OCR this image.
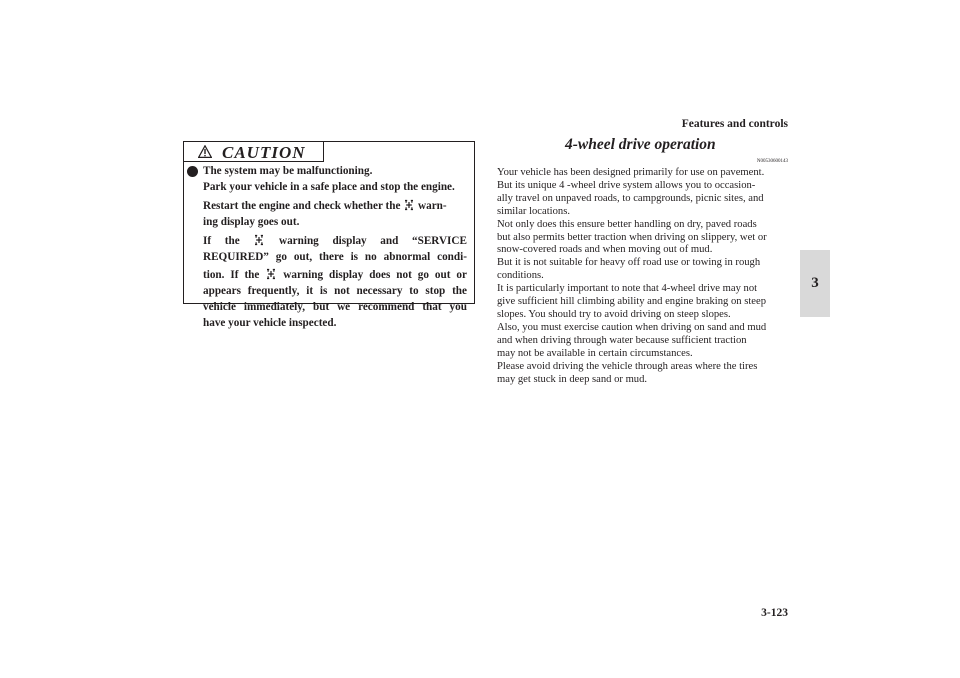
Features and controls
3-123
3
CAUTION
The system may be malfunctioning.
Park your vehicle in a safe place and stop the engine.
Restart the engine and check whether the warn-
ing display goes out.
If the	warning display and “SERVICE
REQUIRED” go out, there is no abnormal condi-
tion. If the warning display does not go out or
appears frequently, it is not necessary to stop the
vehicle immediately, but we recommend that you
have your vehicle inspected.
4-wheel drive operation
N00530600143
Your vehicle has been designed primarily for use on pavement.
But its unique 4 -wheel drive system allows you to occasion-
ally travel on unpaved roads, to campgrounds, picnic sites, and
similar locations.
Not only does this ensure better handling on dry, paved roads
but also permits better traction when driving on slippery, wet or
snow-covered roads and when moving out of mud.
But it is not suitable for heavy off road use or towing in rough
conditions.
It is particularly important to note that 4-wheel drive may not
give sufficient hill climbing ability and engine braking on steep
slopes. You should try to avoid driving on steep slopes.
Also, you must exercise caution when driving on sand and mud
and when driving through water because sufficient traction
may not be available in certain circumstances.
Please avoid driving the vehicle through areas where the tires
may get stuck in deep sand or mud.
